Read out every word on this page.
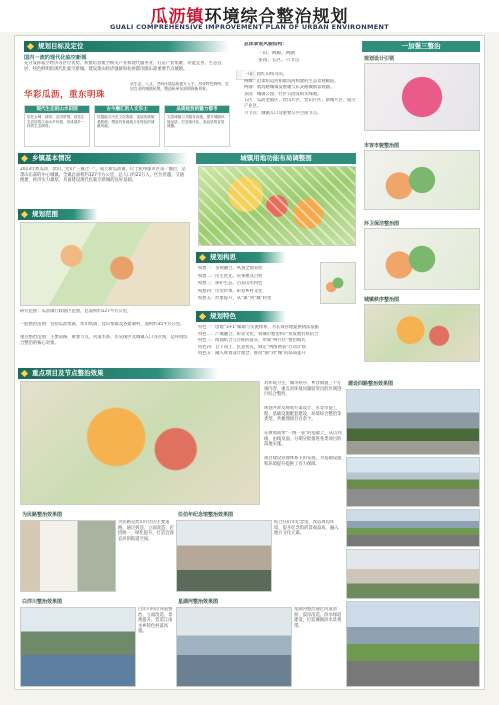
瓜沥镇环境综合整治规划
GUALI COMPREHENSIVE IMPROVEMENT PLAN OF URBAN ENVIRONMENT
规划目标及定位
国内一流的现代化临空新城
充分发挥临空经济等区位优势，积极培育航空相关产业和现代服务业，打造产业集聚、功能完善、生态宜居、特色鲜明的现代化临空新城，建设萧山经济强镇和杭州都市圈东部重要节点城镇。
华彩瓜沥，重东明珠
从生态、人文、空间环境品质提升入手，形成特色鲜明、宜居宜业的城镇风貌，塑造杭州东部明珠新形象。
现代生态的山水田园
依托水网、绿带、农田景观，营造生态宜居的江南水乡环境，形成城乡一体的生态网络。
古今融汇的人文乐士
挖掘地方历史文化资源，延续传统街巷肌理，塑造具有地域文化特色的城镇风貌。
品质绽放的魅力都市
完善城镇公共服务设施，提升城镇环境品质，打造现代化、高品质的宜居城镇。
乡镇基本情况
2013年底瓜沥、坎山、党山“三镇合一”，成立新瓜沥镇，位于杭州都市区第一圈层，是萧山东部的中心城镇。全镇总面积约127平方公里，总人口约22万人，区位优越，交通便捷，经济实力雄厚，具备建设现代化临空新城的良好基础。
规划范围
研究范围：瓜沥镇行政辖区范围，总面积约127平方公里。
一般整治范围：包括瓜沥集镇、坎山集镇、党山集镇及各建制村，面积约35平方公里。
重点整治范围：主要道路、重要节点、河道水系、历史街区及城镇入口等区域，是环境综合整治的核心对象。
总体景观风貌结构：
一山、两廊、两轴
多园、五区、六节点
一山：指红山和乌山。
两廊：沿萧绍运河和航坞河构建的生态景观廊道。
两轴：航坞路城镇发展轴与东灵路城镇景观轴。
多园：城镇公园、社区公园及街头绿地。
五区：瓜沥老镇区、坎山片区、党山片区、新城片区、临空产业区。
六节点：城镇入口及重要公共空间节点。
城镇用地功能布局调整图
规划构思
构想一：多规融合，风貌全面管控
构想二：民生优先，实事惠及百姓
构想三：保护生态，凸显山水特色
构想四：历史传承，彰显乡村文化
构想五：形象提升，从“镇”到“城”转变
规划特色
特色一：创建“3+1”编制与实施体系，为长效管理提供执法依据
特色二：产城融合，彰显文化，将城市整治和产业发展有机结合
特色三：线面结合与目标的落实，形成“两片区”整治模式
特色四：自下而上、民意优先，制定“两图两表”行动计划
特色五：融入规划设计理念，推动“镇”到“城”的品质提升
一加强三整治
规划设计引领
市容市貌整治图
环卫保洁整治图
城镇秩序整治图
重点项目及节点整治效果
对环境卫生、城市秩序、乡容镇貌三个专项内容，重点对环境问题较突出的区域进行综合整治。
规划共涉及规划方案设计、市容市貌工程、基础设施配套建设、环境综合整治等类型，共梳理项目百余个。
在规划成果“一图一表”的基础上，从点到线、由线及面，分期分批推进各类项目的落地实施。
项目建设管理体系下的实施，为基础设施和环境提升提供了有力保障。
建设四路整治效果图
为民路整治效果图
为民路是坎山片区的主要道路，通过拆违、立面改造、店招统一、绿化提升，打造宜商宜居的街道空间。
任伯年纪念馆整治效果图
结合任伯年纪念馆，改造周边环境，提升纪念馆的景观品质，融入地方文化元素。
白洋川整治效果图
白洋川村沿河道整治、立面改造、景观提升，营造江南水乡特色村落风貌。
星湖河整治效果图
星湖河整治通过河道清淤、驳岸改造、滨水绿道建设，打造城镇滨水景观带。
